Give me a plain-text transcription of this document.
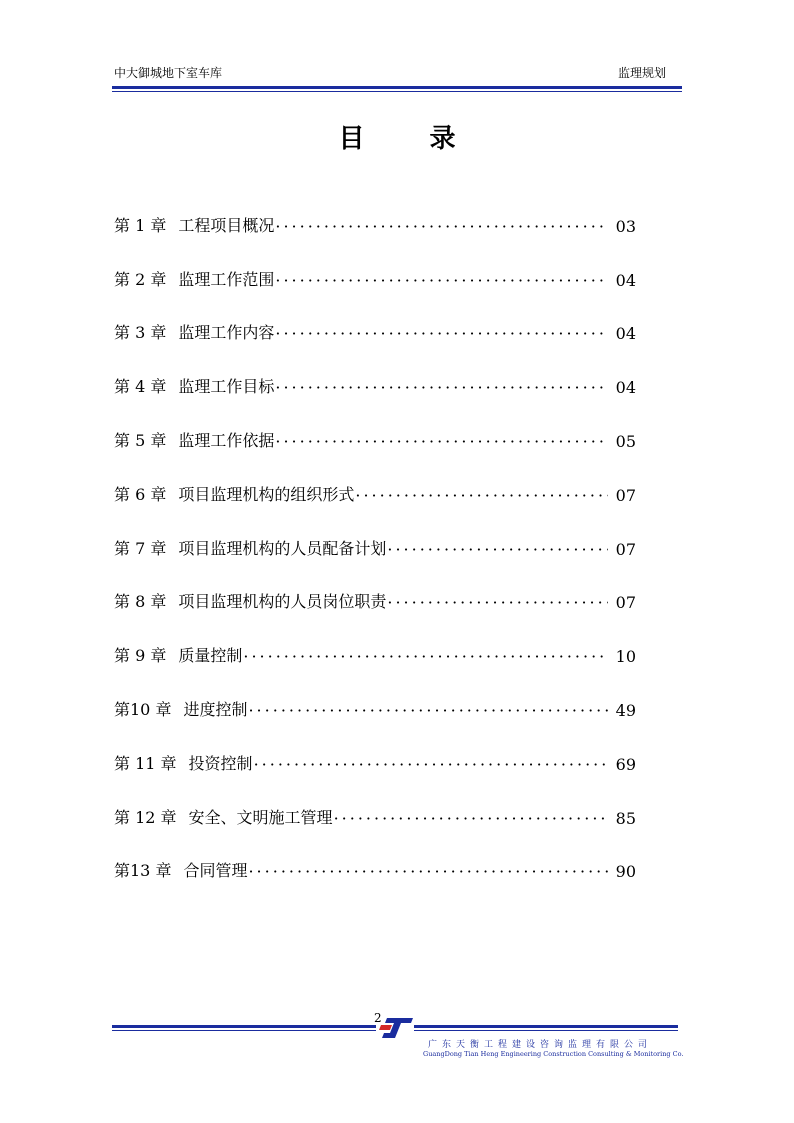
中大御城地下室车库	监理规划
目 录
第 1 章 工程项目概况 ·····	03
第 2 章 监理工作范围 ·····	04
第 3 章 监理工作内容 ·····	04
第 4 章 监理工作目标 ·····	04
第 5 章 监理工作依据 ·····	05
第 6 章 项目监理机构的组织形式 ·····	07
第 7 章 项目监理机构的人员配备计划 ·····	07
第 8 章 项目监理机构的人员岗位职责 ·····	07
第 9 章 质量控制 ·····	10
第10 章 进度控制 ·····	49
第 11 章 投资控制 ·····	69
第 12 章 安全、文明施工管理 ·····	85
第13 章 合同管理 ·····	90
2
广东天衡工程建设咨询监理有限公司
GuangDong Tian Heng Engineering Construction Consulting & Monitoring Co.
